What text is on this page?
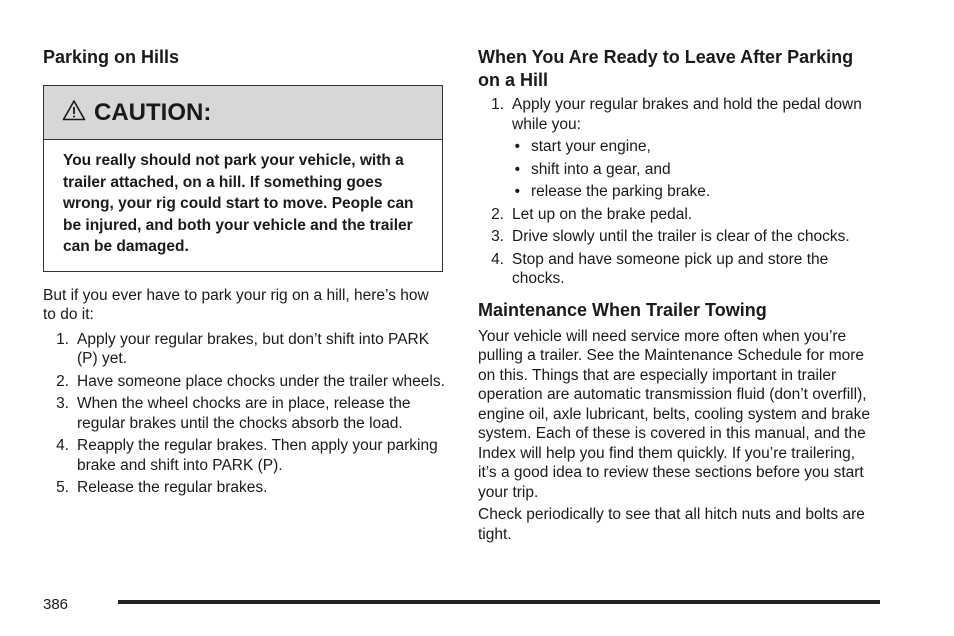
Parking on Hills
CAUTION:
You really should not park your vehicle, with a trailer attached, on a hill. If something goes wrong, your rig could start to move. People can be injured, and both your vehicle and the trailer can be damaged.
But if you ever have to park your rig on a hill, here’s how to do it:
1. Apply your regular brakes, but don’t shift into PARK (P) yet.
2. Have someone place chocks under the trailer wheels.
3. When the wheel chocks are in place, release the regular brakes until the chocks absorb the load.
4. Reapply the regular brakes. Then apply your parking brake and shift into PARK (P).
5. Release the regular brakes.
When You Are Ready to Leave After Parking on a Hill
1. Apply your regular brakes and hold the pedal down while you:
• start your engine,
• shift into a gear, and
• release the parking brake.
2. Let up on the brake pedal.
3. Drive slowly until the trailer is clear of the chocks.
4. Stop and have someone pick up and store the chocks.
Maintenance When Trailer Towing
Your vehicle will need service more often when you’re pulling a trailer. See the Maintenance Schedule for more on this. Things that are especially important in trailer operation are automatic transmission fluid (don’t overfill), engine oil, axle lubricant, belts, cooling system and brake system. Each of these is covered in this manual, and the Index will help you find them quickly. If you’re trailering, it’s a good idea to review these sections before you start your trip.
Check periodically to see that all hitch nuts and bolts are tight.
386
